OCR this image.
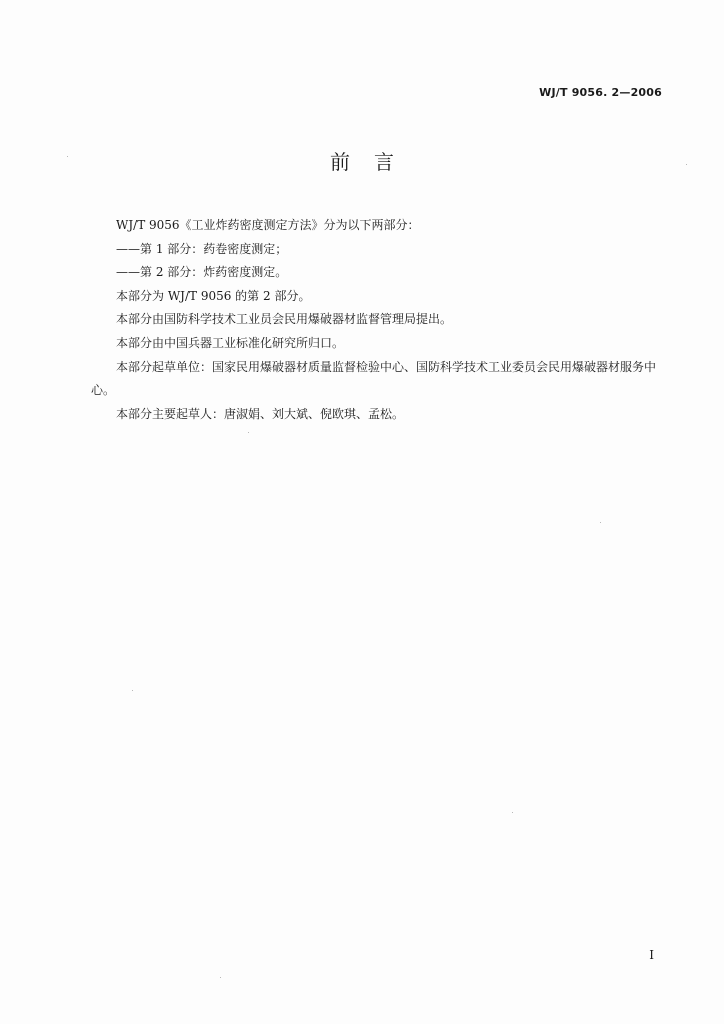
WJ/T 9056. 2—2006
前言

WJ/T 9056《工业炸药密度测定方法》分为以下两部分：

——第 1 部分：药卷密度测定；

——第 2 部分：炸药密度测定。

本部分为 WJ/T 9056 的第 2 部分。

本部分由国防科学技术工业员会民用爆破器材监督管理局提出。

本部分由中国兵器工业标准化研究所归口。

本部分起草单位：国家民用爆破器材质量监督检验中心、国防科学技术工业委员会民用爆破器材服务中心。

本部分主要起草人：唐淑娟、刘大斌、倪欧琪、孟松。

I
